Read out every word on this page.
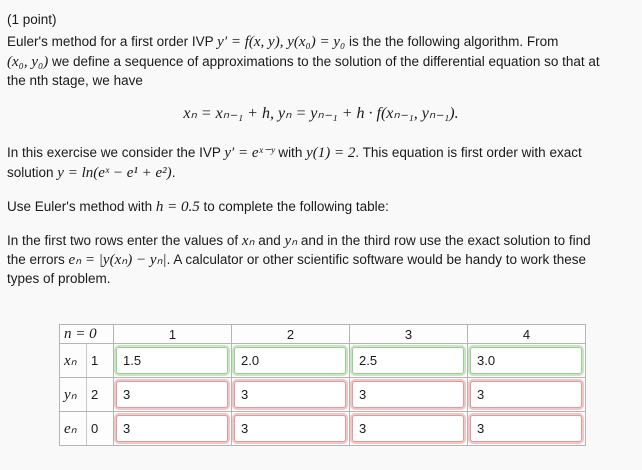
(1 point)
Euler's method for a first order IVP y′ = f(x, y), y(x₀) = y₀ is the the following algorithm. From
(x₀, y₀) we define a sequence of approximations to the solution of the differential equation so that at
the nth stage, we have
xₙ = xₙ₋₁ + h, yₙ = yₙ₋₁ + h · f(xₙ₋₁, yₙ₋₁).
In this exercise we consider the IVP y′ = eˣ⁻ʸ with y(1) = 2. This equation is first order with exact
solution y = ln(eˣ − e¹ + e²).
Use Euler's method with h = 0.5 to complete the following table:
In the first two rows enter the values of xₙ and yₙ and in the third row use the exact solution to find
the errors eₙ = |y(xₙ) − yₙ|. A calculator or other scientific software would be handy to work these
types of problem.
n = 0	1	2	3	4

xₙ 1	1.5	2.0	2.5	3.0

yₙ 2	3	3	3	3

eₙ 0	3	3	3	3
